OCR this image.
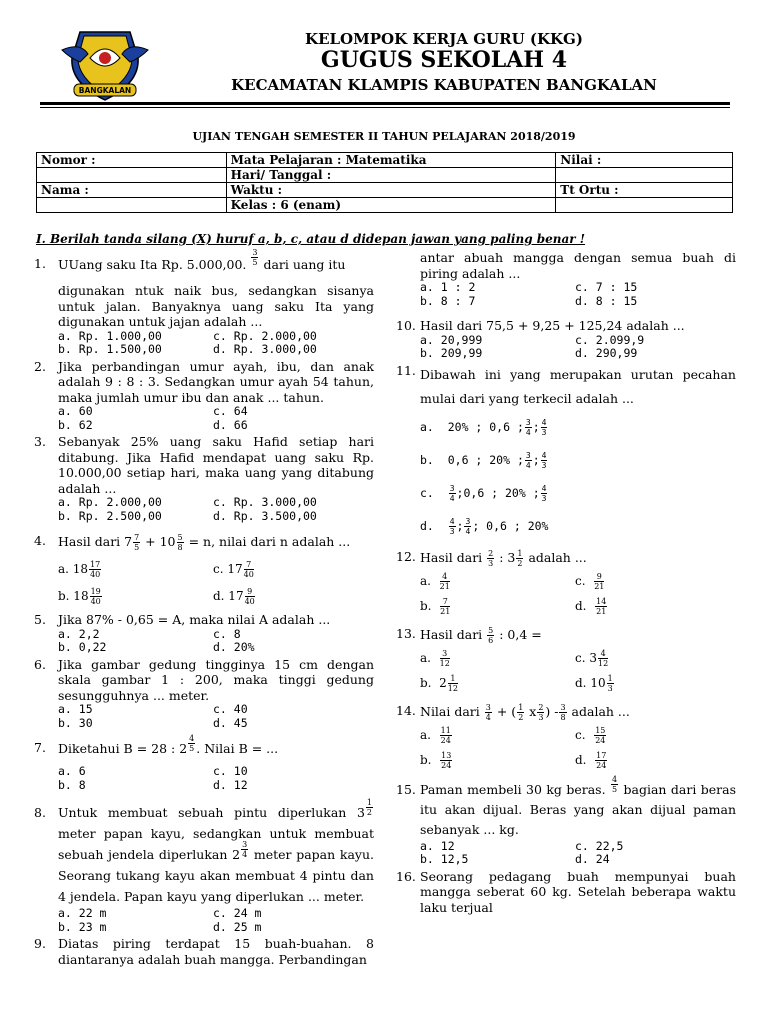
BANGKALAN
KELOMPOK KERJA GURU (KKG)
GUGUS SEKOLAH 4
KECAMATAN KLAMPIS KABUPATEN BANGKALAN
UJIAN TENGAH SEMESTER II TAHUN PELAJARAN 2018/2019
Nomor :	Mata Pelajaran : Matematika	Nilai :
	Hari/ Tanggal :	
Nama :	Waktu :	Tt Ortu :
	Kelas : 6 (enam)	
I. Berilah tanda silang (X) huruf a, b, c, atau d didepan jawan yang paling benar !
1. UUang saku Ita Rp. 5.000,00. $\frac{3}{5}$ dari uang itu
digunakan ntuk naik bus, sedangkan sisanya untuk jalan. Banyaknya uang saku Ita yang digunakan untuk jajan adalah ...
a. Rp. 1.000,00	c. Rp. 2.000,00
b. Rp. 1.500,00	d. Rp. 3.000,00
2. Jika perbandingan umur ayah, ibu, dan anak adalah 9 : 8 : 3. Sedangkan umur ayah 54 tahun, maka jumlah umur ibu dan anak ... tahun.
a. 60	c. 64
b. 62	d. 66
3. Sebanyak 25% uang saku Hafid setiap hari ditabung. Jika Hafid mendapat uang saku Rp. 10.000,00 setiap hari, maka uang yang ditabung adalah ...
a. Rp. 2.000,00	c. Rp. 3.000,00
b. Rp. 2.500,00	d. Rp. 3.500,00
4. Hasil dari $7 \frac{7}{5} + 10 \frac{5}{8} = n$, nilai dari n adalah ...
a. $18 \frac{17}{40}$	c. $17 \frac{7}{40}$
b. $18 \frac{19}{40}$	d. $17 \frac{9}{40}$
5. Jika 87% - 0,65 = A, maka nilai A adalah ...
a. 2,2	c. 8
b. 0,22	d. 20%
6. Jika gambar gedung tingginya 15 cm dengan skala gambar 1 : 200, maka tinggi gedung sesungguhnya ... meter.
a. 15	c. 40
b. 30	d. 45
7. Diketahui B = 28 : $2 \frac{4}{5}$ . Nilai B = ...
a. 6	c. 10
b. 8	d. 12
8. Untuk membuat sebuah pintu diperlukan $3 \frac{1}{2}$
meter papan kayu, sedangkan untuk membuat sebuah jendela diperlukan $2 \frac{3}{4}$ meter papan kayu. Seorang tukang kayu akan membuat 4 pintu dan 4 jendela. Papan kayu yang diperlukan ... meter.
a. 22 m	c. 24 m
b. 23 m	d. 25 m
9. Diatas piring terdapat 15 buah-buahan. 8 diantaranya adalah buah mangga. Perbandingan
antar abuah mangga dengan semua buah di piring adalah ...
a. 1 : 2	c. 7 : 15
b. 8 : 7	d. 8 : 15
10. Hasil dari 75,5 + 9,25 + 125,24 adalah ...
a. 20,999	c. 2.099,9
b. 209,99	d. 290,99
11. Dibawah ini yang merupakan urutan pecahan mulai dari yang terkecil adalah ...
a. 20% ; 0,6 ; $\frac{3}{4}$ ; $\frac{4}{3}$
b. 0,6 ; 20% ; $\frac{3}{4}$ ; $\frac{4}{3}$
c. $\frac{3}{4}$ ;0,6 ; 20% ; $\frac{4}{3}$
d. $\frac{4}{3}$ ; $\frac{3}{4}$ ; 0,6 ; 20%
12. Hasil dari $\frac{2}{3}$ : $3 \frac{1}{2}$ adalah ...
a. $\frac{4}{21}$	c. $\frac{9}{21}$
b. $\frac{7}{21}$	d. $\frac{14}{21}$
13. Hasil dari $\frac{5}{6}$ : 0,4 =
a. $\frac{3}{12}$	c. $3 \frac{4}{12}$
b. $2 \frac{1}{12}$	d. $10 \frac{1}{3}$
14. Nilai dari $\frac{3}{4}$ + ( $\frac{1}{2}$ x $\frac{2}{3}$ ) - $\frac{3}{8}$ adalah ...
a. $\frac{11}{24}$	c. $\frac{15}{24}$
b. $\frac{13}{24}$	d. $\frac{17}{24}$
15. Paman membeli 30 kg beras. $\frac{4}{5}$ bagian dari beras itu akan dijual. Beras yang akan dijual paman sebanyak ... kg.
a. 12	c. 22,5
b. 12,5	d. 24
16. Seorang pedagang buah mempunyai buah mangga seberat 60 kg. Setelah beberapa waktu laku terjual
